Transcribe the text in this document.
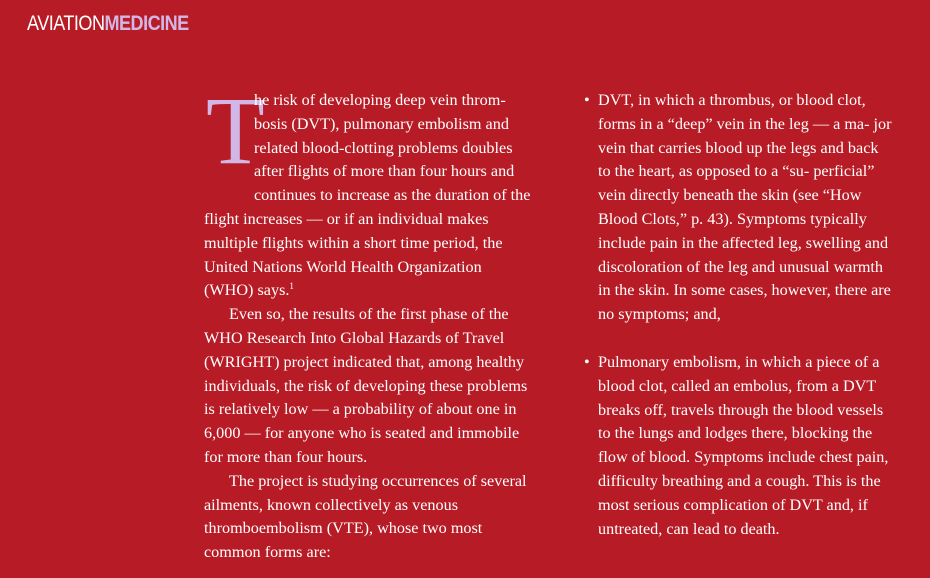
AVIATIONMEDICINE

T
he risk of developing deep vein throm- bosis (DVT), pulmonary embolism and related blood-clotting problems doubles after flights of more than four hours and continues to increase as the duration of the flight increases — or if an individual makes multiple flights within a short time period, the United Nations World Health Organization (WHO) says.$^1$

Even so, the results of the first phase of the WHO Research Into Global Hazards of Travel (WRIGHT) project indicated that, among healthy individuals, the risk of developing these problems is relatively low — a probability of about one in 6,000 — for anyone who is seated and immobile for more than four hours.

The project is studying occurrences of several ailments, known collectively as venous thromboembolism (VTE), whose two most common forms are:

• DVT, in which a thrombus, or blood clot, forms in a “deep” vein in the leg — a ma- jor vein that carries blood up the legs and back to the heart, as opposed to a “su- perficial” vein directly beneath the skin (see “How Blood Clots,” p. 43). Symptoms typically include pain in the affected leg, swelling and discoloration of the leg and unusual warmth in the skin. In some cases, however, there are no symptoms; and,
• Pulmonary embolism, in which a piece of a blood clot, called an embolus, from a DVT breaks off, travels through the blood vessels to the lungs and lodges there, blocking the flow of blood. Symptoms include chest pain, difficulty breathing and a cough. This is the most serious complication of DVT and, if untreated, can lead to death.
